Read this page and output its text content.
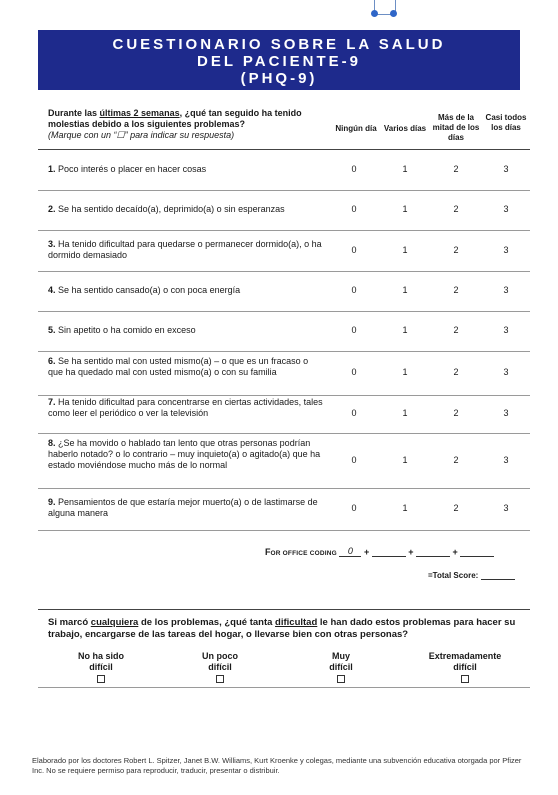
CUESTIONARIO SOBRE LA SALUD
DEL PACIENTE-9
(PHQ-9)
Durante las últimas 2 semanas, ¿qué tan seguido ha tenido molestias debido a los siguientes problemas?
(Marque con un “☐” para indicar su respuesta)
Ningún día Varios días
Más de la mitad de los días
Casi todos los días
1. Poco interés o placer en hacer cosas	0	1	2	3
2. Se ha sentido decaído(a), deprimido(a) o sin esperanzas	0	1	2	3
3. Ha tenido dificultad para quedarse o permanecer dormido(a), o ha dormido demasiado	0	1	2	3
4. Se ha sentido cansado(a) o con poca energía	0	1	2	3
5. Sin apetito o ha comido en exceso	0	1	2	3
6. Se ha sentido mal con usted mismo(a) – o que es un fracaso o que ha quedado mal con usted mismo(a) o con su familia	0	1	2	3
7. Ha tenido dificultad para concentrarse en ciertas actividades, tales como leer el periódico o ver la televisión	0	1	2	3
8. ¿Se ha movido o hablado tan lento que otras personas podrían haberlo notado? o lo contrario – muy inquieto(a) o agitado(a) que ha estado moviéndose mucho más de lo normal	0	1	2	3
9. Pensamientos de que estaría mejor muerto(a) o de lastimarse de alguna manera	0	1	2	3
FOR OFFICE CODING 0 +	+	+
=Total Score:
Si marcó cualquiera de los problemas, ¿qué tanta dificultad le han dado estos problemas para hacer su trabajo, encargarse de las tareas del hogar, o llevarse bien con otras personas?
No ha sido
difícil
Un poco
difícil
Muy
difícil
Extremadamente
difícil
Elaborado por los doctores Robert L. Spitzer, Janet B.W. Williams, Kurt Kroenke y colegas, mediante una subvención educativa otorgada por Pfizer Inc. No se requiere permiso para reproducir, traducir, presentar o distribuir.
